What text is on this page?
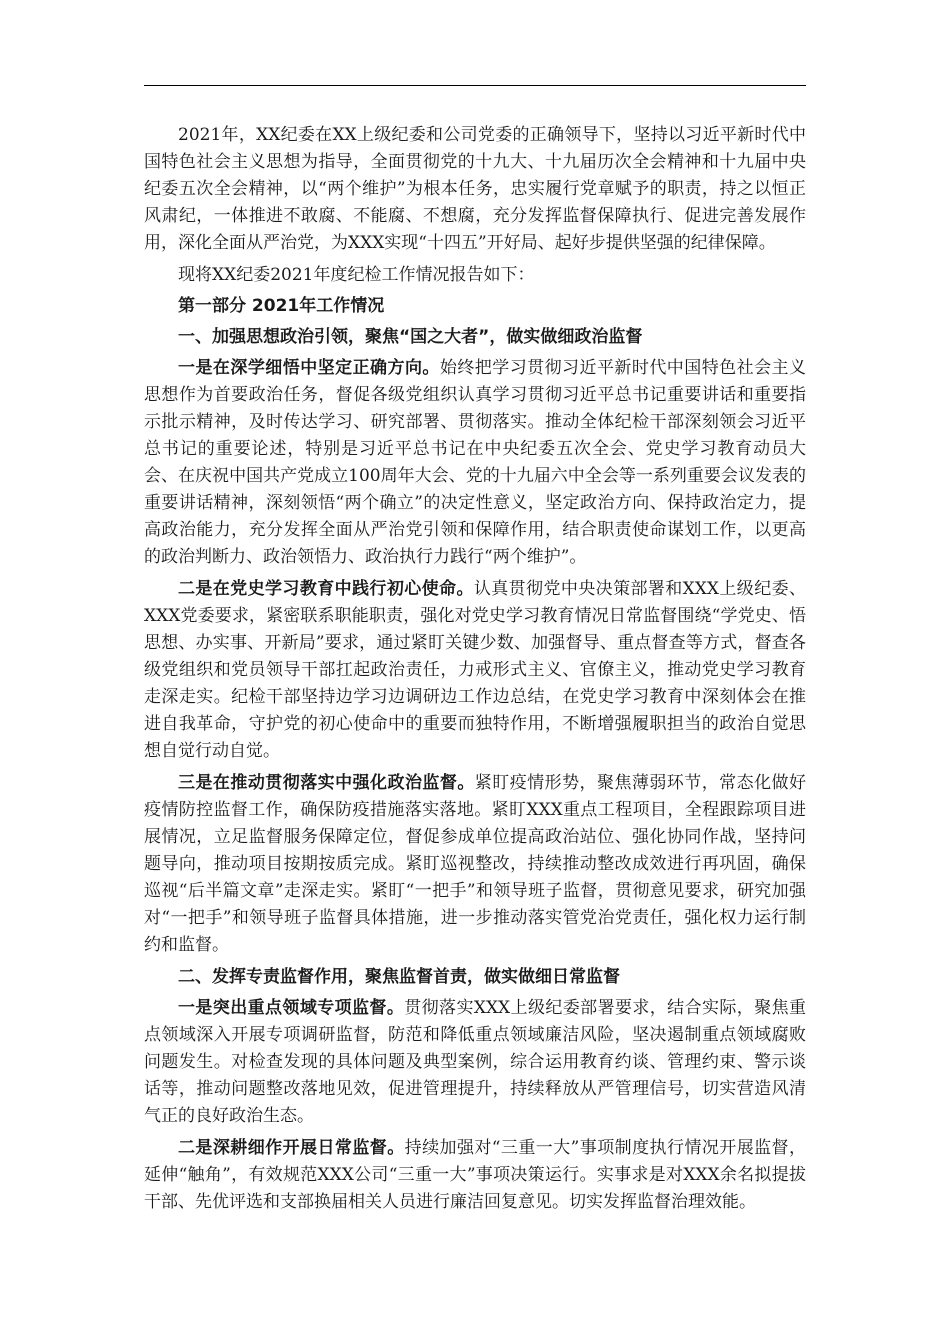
2021年，XX纪委在XX上级纪委和公司党委的正确领导下，坚持以习近平新时代中国特色社会主义思想为指导，全面贯彻党的十九大、十九届历次全会精神和十九届中央纪委五次全会精神，以“两个维护”为根本任务，忠实履行党章赋予的职责，持之以恒正风肃纪，一体推进不敢腐、不能腐、不想腐，充分发挥监督保障执行、促进完善发展作用，深化全面从严治党，为XXX实现“十四五”开好局、起好步提供坚强的纪律保障。

现将XX纪委2021年度纪检工作情况报告如下：

第一部分 2021年工作情况

一、加强思想政治引领，聚焦“国之大者”，做实做细政治监督

一是在深学细悟中坚定正确方向。始终把学习贯彻习近平新时代中国特色社会主义思想作为首要政治任务，督促各级党组织认真学习贯彻习近平总书记重要讲话和重要指示批示精神，及时传达学习、研究部署、贯彻落实。推动全体纪检干部深刻领会习近平总书记的重要论述，特别是习近平总书记在中央纪委五次全会、党史学习教育动员大会、在庆祝中国共产党成立100周年大会、党的十九届六中全会等一系列重要会议发表的重要讲话精神，深刻领悟“两个确立”的决定性意义，坚定政治方向、保持政治定力，提高政治能力，充分发挥全面从严治党引领和保障作用，结合职责使命谋划工作，以更高的政治判断力、政治领悟力、政治执行力践行“两个维护”。

二是在党史学习教育中践行初心使命。认真贯彻党中央决策部署和XXX上级纪委、XXX党委要求，紧密联系职能职责，强化对党史学习教育情况日常监督围绕“学党史、悟思想、办实事、开新局”要求，通过紧盯关键少数、加强督导、重点督查等方式，督查各级党组织和党员领导干部扛起政治责任，力戒形式主义、官僚主义，推动党史学习教育走深走实。纪检干部坚持边学习边调研边工作边总结，在党史学习教育中深刻体会在推进自我革命，守护党的初心使命中的重要而独特作用，不断增强履职担当的政治自觉思想自觉行动自觉。

三是在推动贯彻落实中强化政治监督。紧盯疫情形势，聚焦薄弱环节，常态化做好疫情防控监督工作，确保防疫措施落实落地。紧盯XXX重点工程项目，全程跟踪项目进展情况，立足监督服务保障定位，督促参成单位提高政治站位、强化协同作战，坚持问题导向，推动项目按期按质完成。紧盯巡视整改，持续推动整改成效进行再巩固，确保巡视“后半篇文章”走深走实。紧盯“一把手”和领导班子监督，贯彻意见要求，研究加强对“一把手”和领导班子监督具体措施，进一步推动落实管党治党责任，强化权力运行制约和监督。

二、发挥专责监督作用，聚焦监督首责，做实做细日常监督

一是突出重点领域专项监督。贯彻落实XXX上级纪委部署要求，结合实际，聚焦重点领域深入开展专项调研监督，防范和降低重点领域廉洁风险，坚决遏制重点领域腐败问题发生。对检查发现的具体问题及典型案例，综合运用教育约谈、管理约束、警示谈话等，推动问题整改落地见效，促进管理提升，持续释放从严管理信号，切实营造风清气正的良好政治生态。

二是深耕细作开展日常监督。持续加强对“三重一大”事项制度执行情况开展监督，延伸“触角”，有效规范XXX公司“三重一大”事项决策运行。实事求是对XXX余名拟提拔干部、先优评选和支部换届相关人员进行廉洁回复意见。切实发挥监督治理效能。
